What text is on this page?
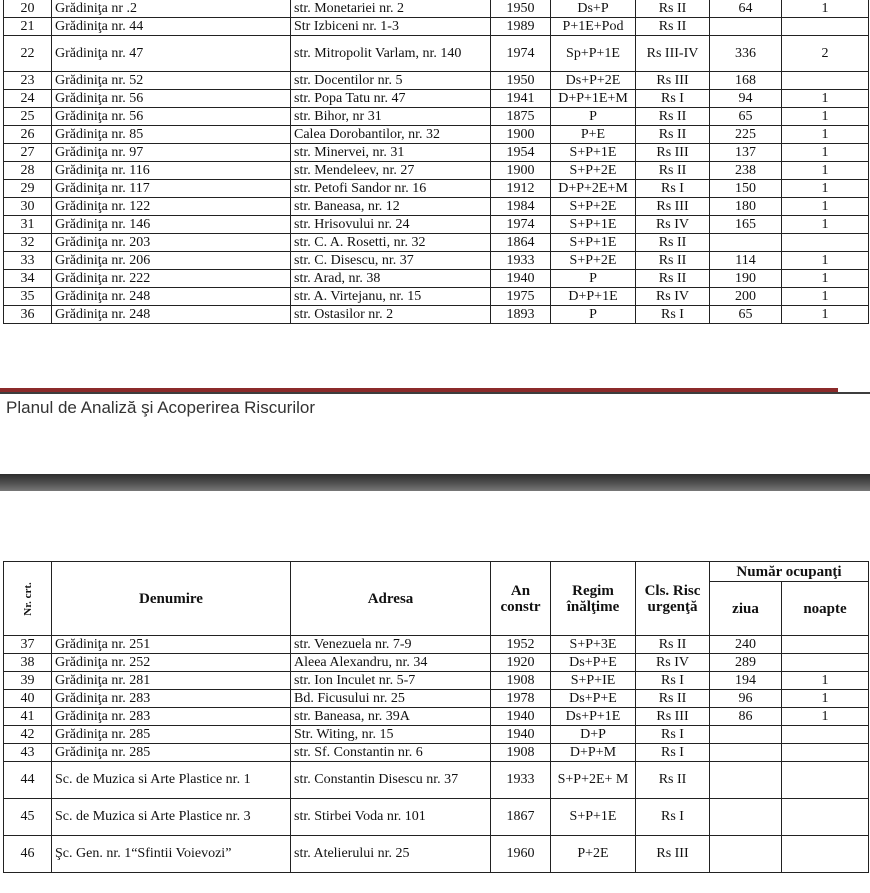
20	Grădiniţa nr .2	str. Monetariei nr. 2	1950	Ds+P	Rs II	64	1
21	Grădiniţa nr. 44	Str Izbiceni nr. 1-3	1989	P+1E+Pod	Rs II		
22	Grădiniţa nr. 47	str. Mitropolit Varlam, nr. 140	1974	Sp+P+1E	Rs III-IV	336	2
23	Grădiniţa nr. 52	str. Docentilor nr. 5	1950	Ds+P+2E	Rs III	168	
24	Grădiniţa nr. 56	str. Popa Tatu nr. 47	1941	D+P+1E+M	Rs I	94	1
25	Grădiniţa nr. 56	str. Bihor, nr 31	1875	P	Rs II	65	1
26	Grădiniţa nr. 85	Calea Dorobantilor, nr. 32	1900	P+E	Rs II	225	1
27	Grădiniţa nr. 97	str. Minervei, nr. 31	1954	S+P+1E	Rs III	137	1
28	Grădiniţa nr. 116	str. Mendeleev, nr. 27	1900	S+P+2E	Rs II	238	1
29	Grădiniţa nr. 117	str. Petofi Sandor nr. 16	1912	D+P+2E+M	Rs I	150	1
30	Grădiniţa nr. 122	str. Baneasa, nr. 12	1984	S+P+2E	Rs III	180	1
31	Grădiniţa nr. 146	str. Hrisovului nr. 24	1974	S+P+1E	Rs IV	165	1
32	Grădiniţa nr. 203	str. C. A. Rosetti, nr. 32	1864	S+P+1E	Rs II		
33	Grădiniţa nr. 206	str. C. Disescu, nr. 37	1933	S+P+2E	Rs II	114	1
34	Grădiniţa nr. 222	str. Arad, nr. 38	1940	P	Rs II	190	1
35	Grădiniţa nr. 248	str. A. Virtejanu, nr. 15	1975	D+P+1E	Rs IV	200	1
36	Grădiniţa nr. 248	str. Ostasilor nr. 2	1893	P	Rs I	65	1
Planul de Analiză şi Acoperirea Riscurilor
Nr. crt.	Denumire	Adresa	An constr	Regim înălţime	Cls. Risc urgenţă	Număr ocupanţi	
						ziua	noapte
37	Grădiniţa nr. 251	str. Venezuela nr. 7-9	1952	S+P+3E	Rs II	240	
38	Grădiniţa nr. 252	Aleea Alexandru, nr. 34	1920	Ds+P+E	Rs IV	289	
39	Grădiniţa nr. 281	str. Ion Inculet nr. 5-7	1908	S+P+IE	Rs I	194	1
40	Grădiniţa nr. 283	Bd. Ficusului nr. 25	1978	Ds+P+E	Rs II	96	1
41	Grădiniţa nr. 283	str. Baneasa, nr. 39A	1940	Ds+P+1E	Rs III	86	1
42	Grădiniţa nr. 285	Str. Witing, nr. 15	1940	D+P	Rs I		
43	Grădiniţa nr. 285	str. Sf. Constantin nr. 6	1908	D+P+M	Rs I		
44	Sc. de Muzica si Arte Plastice nr. 1	str. Constantin Disescu nr. 37	1933	S+P+2E+ M	Rs II		
45	Sc. de Muzica si Arte Plastice nr. 3	str. Stirbei Voda nr. 101	1867	S+P+1E	Rs I		
46	Şc. Gen. nr. 1“Sfintii Voievozi”	str. Atelierului nr. 25	1960	P+2E	Rs III		
